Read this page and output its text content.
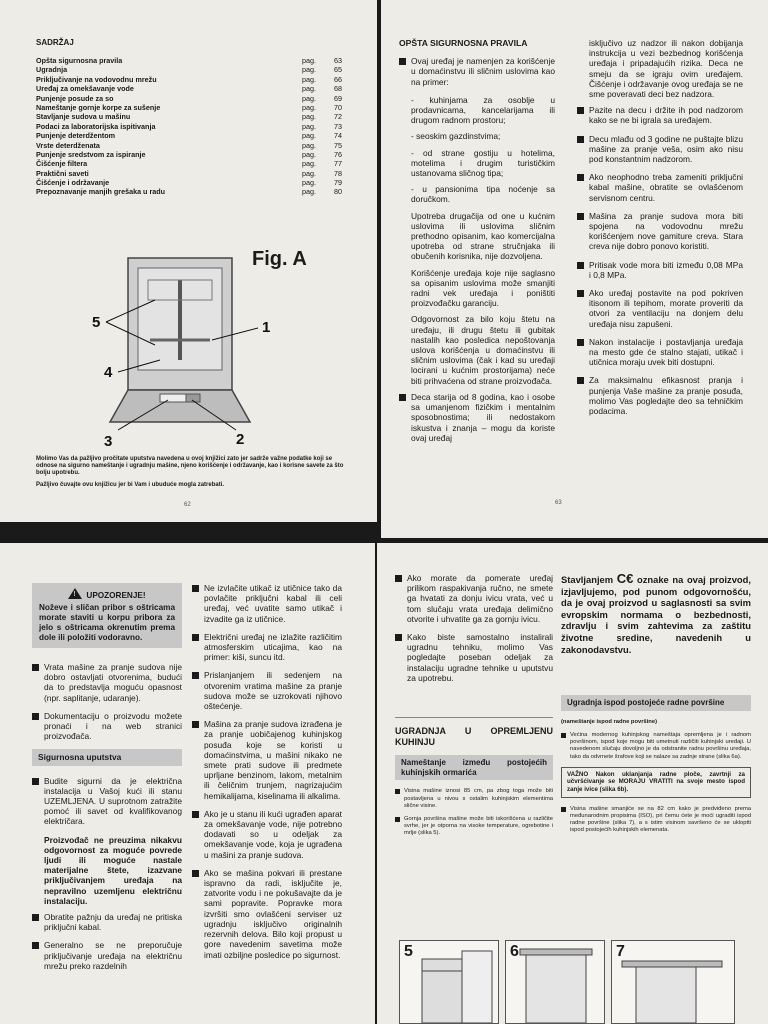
SADRŽAJ
Opšta sigurnosna pravila	pag.	63
Ugradnja	pag.	65
Priključivanje na vodovodnu mrežu	pag.	66
Uređaj za omekšavanje vode	pag.	68
Punjenje posude za so	pag.	69
Nameštanje gornje korpe za sušenje	pag.	70
Stavljanje sudova u mašinu	pag.	72
Podaci za laboratorijska ispitivanja	pag.	73
Punjenje deterdžentom	pag.	74
Vrste deterdženata	pag.	75
Punjenje sredstvom za ispiranje	pag.	76
Čišćenje filtera	pag.	77
Praktični saveti	pag.	78
Čišćenje i održavanje	pag.	79
Prepoznavanje manjih grešaka u radu	pag.	80
Fig. A
5	1
4
3	2

Molimo Vas da pažljivo pročitate uputstva navedena u ovoj knjižici zato jer sadrže važne podatke koji se odnose na sigurno nameštanje i ugradnju mašine, njeno korišćenje i održavanje, kao i korisne savete za što bolju upotrebu.

Pažljivo čuvajte ovu knjižicu jer bi Vam i ubuduće mogla zatrebati.

62
OPŠTA SIGURNOSNA PRAVILA
Ovaj uređaj je namenjen za korišćenje u domaćinstvu ili sličnim uslovima kao na primer:

- kuhinjama za osoblje u prodavnicama, kancelarijama ili drugom radnom prostoru;

- seoskim gazdinstvima;

- od strane gostiju u hotelima, motelima i drugim turističkim ustanovama sličnog tipa;

- u pansionima tipa noćenje sa doručkom.

Upotreba drugačija od one u kućnim uslovima ili uslovima sličnim prethodno opisanim, kao komercijalna upotreba od strane stručnjaka ili obučenih korisnika, nije dozvoljena.

Korišćenje uređaja koje nije saglasno sa opisanim uslovima može smanjiti radni vek uređaja i poništiti proizvođačku garanciju.

Odgovornost za bilo koju štetu na uređaju, ili drugu štetu ili gubitak nastalih kao posledica nepoštovanja uslova korišćenja u domaćinstvu ili sličnim uslovima (čak i kad su uređaji locirani u kućnim prostorijama) neće biti prihvaćena od strane proizvođača.

Deca starija od 8 godina, kao i osobe sa umanjenom fizičkim i mentalnim sposobnostima; ili nedostakom iskustva i znanja – mogu da koriste ovaj uređaj

isključivo uz nadzor ili nakon dobijanja instrukcija u vezi bezbednog korišćenja uređaja i pripadajućih rizika. Deca ne smeju da se igraju ovim uređajem. Čišćenje i održavanje ovog uređaja se ne sme poveravati deci bez nadzora.

Pazite na decu i držite ih pod nadzorom kako se ne bi igrala sa uređajem.
Decu mlađu od 3 godine ne puštajte blizu mašine za pranje veša, osim ako nisu pod konstantnim nadzorom.
Ako neophodno treba zameniti priključni kabal mašine, obratite se ovlašćenom servisnom centru.
Mašina za pranje sudova mora biti spojena na vodovodnu mrežu korišćenjem nove gamiture creva. Stara creva nije dobro ponovo koristiti.
Pritisak vode mora biti između 0,08 MPa i 0,8 MPa.
Ako uređaj postavite na pod pokriven itisonom ili tepihom, morate proveriti da otvori za ventilaciju na donjem delu uređaja nisu zapušeni.
Nakon instalacije i postavljanja uređaja na mesto gde će stalno stajati, utikač i utičnica moraju uvek biti dostupni.
Za maksimalnu efikasnost pranja i punjenja Vaše mašine za pranje posuđa, molimo Vas pogledajte deo sa tehničkim podacima.
63
!UPOZORENJE!
Noževe i sličan pribor s oštricama morate staviti u korpu pribora za jelo s oštricama okrenutim prema dole ili položiti vodoravno.
Vrata mašine za pranje sudova nije dobro ostavljati otvorenima, budući da to predstavlja moguću opasnost (npr. saplitanje, udaranje).
Dokumentaciju o proizvodu možete pronaći i na web stranici proizvođača.
Sigurnosna uputstva
Budite sigurni da je električna instalacija u Vašoj kući ili stanu UZEMLJENA. U suprotnom zatražite pomoć ili savet od kvalifikovanog električara.

Proizvođač ne preuzima nikakvu odgovornost za moguće povrede ljudi ili moguće nastale materijalne štete, izazvane priključivanjem uređaja na nepravilno uzemljenu električnu instalaciju.

Obratite pažnju da uređaj ne pritiska priključni kabal.
Generalno se ne preporučuje priključivanje uređaja na električnu mrežu preko razdelnih
Ne izvlačite utikač iz utičnice tako da povlačite priključni kabal ili celi uređaj, već uvatite samo utikač i izvadite ga iz utičnice.
Električni uređaj ne izlažite različitim atmosferskim uticajima, kao na primer: kiši, suncu itd.
Prislanjanjem ili sedenjem na otvorenim vratima mašine za pranje sudova može se uzrokovati njihovo oštećenje.
Mašina za pranje sudova izrađena je za pranje uobičajenog kuhinjskog posuđa koje se koristi u domaćinstvima, u mašini nikako ne smete prati sudove ili predmete uprljane benzinom, lakom, metalnim ili čeličnim trunjem, nagrizajućim hemikalijama, kiselinama ili alkalima.
Ako je u stanu ili kući ugrađen aparat za omekšavanje vode, nije potrebno dodavati so u odeljak za omekšavanje vode, koja je ugrađena u mašini za pranje sudova.
Ako se mašina pokvari ili prestane ispravno da radi, isključite je, zatvorite vodu i ne pokušavajte da je sami popravite. Popravke mora izvršiti smo ovlašćeni serviser uz ugradnju isključivo originalnih rezervnih delova. Bilo koji propust u gore navedenim savetima može imati ozbiljne posledice po sigurnost.
Ako morate da pomerate uređaj prilikom raspakivanja ručno, ne smete ga hvatati za donju ivicu vrata, već u tom slučaju vrata uređaja delimično otvorite i uhvatite ga za gornju ivicu.
Kako biste samostalno instalirali ugradnu tehniku, molimo Vas pogledajte poseban odeljak za instalaciju ugradne tehnike u uputstvu za upotrebu.
UGRADNJA U OPREMLJENU KUHINJU
Nameštanje između postojećih kuhinjskih ormarića
Visina mašine iznosi 85 cm, pa zbog toga može biti postavljena u nivou s ostalim kuhinjskim elementima slične visine.
Gornja površina mašine može biti iskorišćena u različite svrhe, jer je otporna na visoke temperature, ogrebotine i mrlje (slika 5).
Stavljanjem C€ oznake na ovaj proizvod, izjavljujemo, pod punom odgovornošću, da je ovaj proizvod u saglasnosti sa svim evropskim normama o bezbednosti, zdravlju i svim zahtevima za zaštitu životne sredine, navedenih u zakonodavstvu.
Ugradnja ispod postojeće radne površine
(nameštanje ispod radne površine)
Većina modernog kuhinjskog nameštaja opremljena je i radnom površinom, ispod koje mogu biti umetnuti različiti kuhinjski uređaji. U navedenom slučaju dovoljno je da odstranite radnu površinu uređaja, tako da odvrnete šrafove koji se nalaze sa zadnje strane (slika 6a).
VAŽNO Nakon uklanjanja radne ploče, zavrtnji za učvršćivanje se MORAJU VRATITI na svoje mesto ispod zanje ivice (slika 6b).
Visina mašine smanjiće se na 82 cm kako je predviđeno prema međunarodnim propisima (ISO), pri čemu ćete je moći ugraditi ispod radne površine (slika 7), a s istim visinom savršeno će se ukloptti ispod postojećih kuhinjskih elemenata.
5	6	7
